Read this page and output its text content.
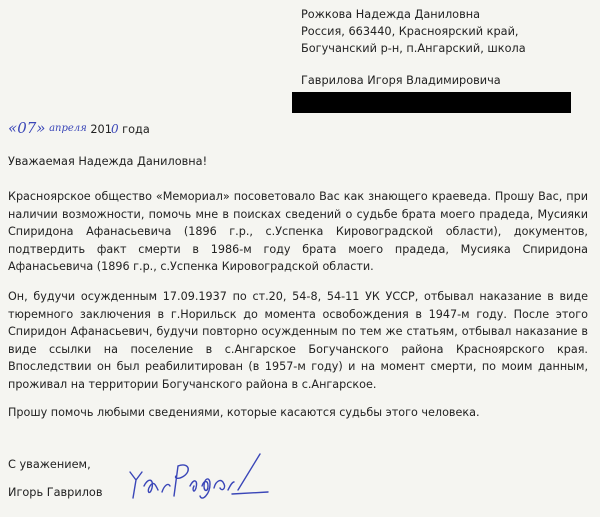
Рожкова Надежда Даниловна
Россия, 663440, Красноярский край,
Богучанский р-н, п.Ангарский, школа
Гаврилова Игоря Владимировича
«07» апреля 2010 года
Уважаемая Надежда Даниловна!
Красноярское общество «Мемориал» посоветовало Вас как знающего краеведа. Прошу Вас, при наличии возможности, помочь мне в поисках сведений о судьбе брата моего прадеда, Мусияки Спиридона Афанасьевича (1896 г.р., с.Успенка Кировоградской области), документов, подтвердить факт смерти в 1986-м году брата моего прадеда, Мусияка Спиридона Афанасьевича (1896 г.р., с.Успенка Кировоградской области.
Он, будучи осужденным 17.09.1937 по ст.20, 54-8, 54-11 УК УССР, отбывал наказание в виде тюремного заключения в г.Норильск до момента освобождения в 1947-м году. После этого Спиридон Афанасьевич, будучи повторно осужденным по тем же статьям, отбывал наказание в виде ссылки на поселение в с.Ангарское Богучанского района Красноярского края. Впоследствии он был реабилитирован (в 1957-м году) и на момент смерти, по моим данным, проживал на территории Богучанского района в с.Ангарское.
Прошу помочь любыми сведениями, которые касаются судьбы этого человека.
С уважением,
Игорь Гаврилов
